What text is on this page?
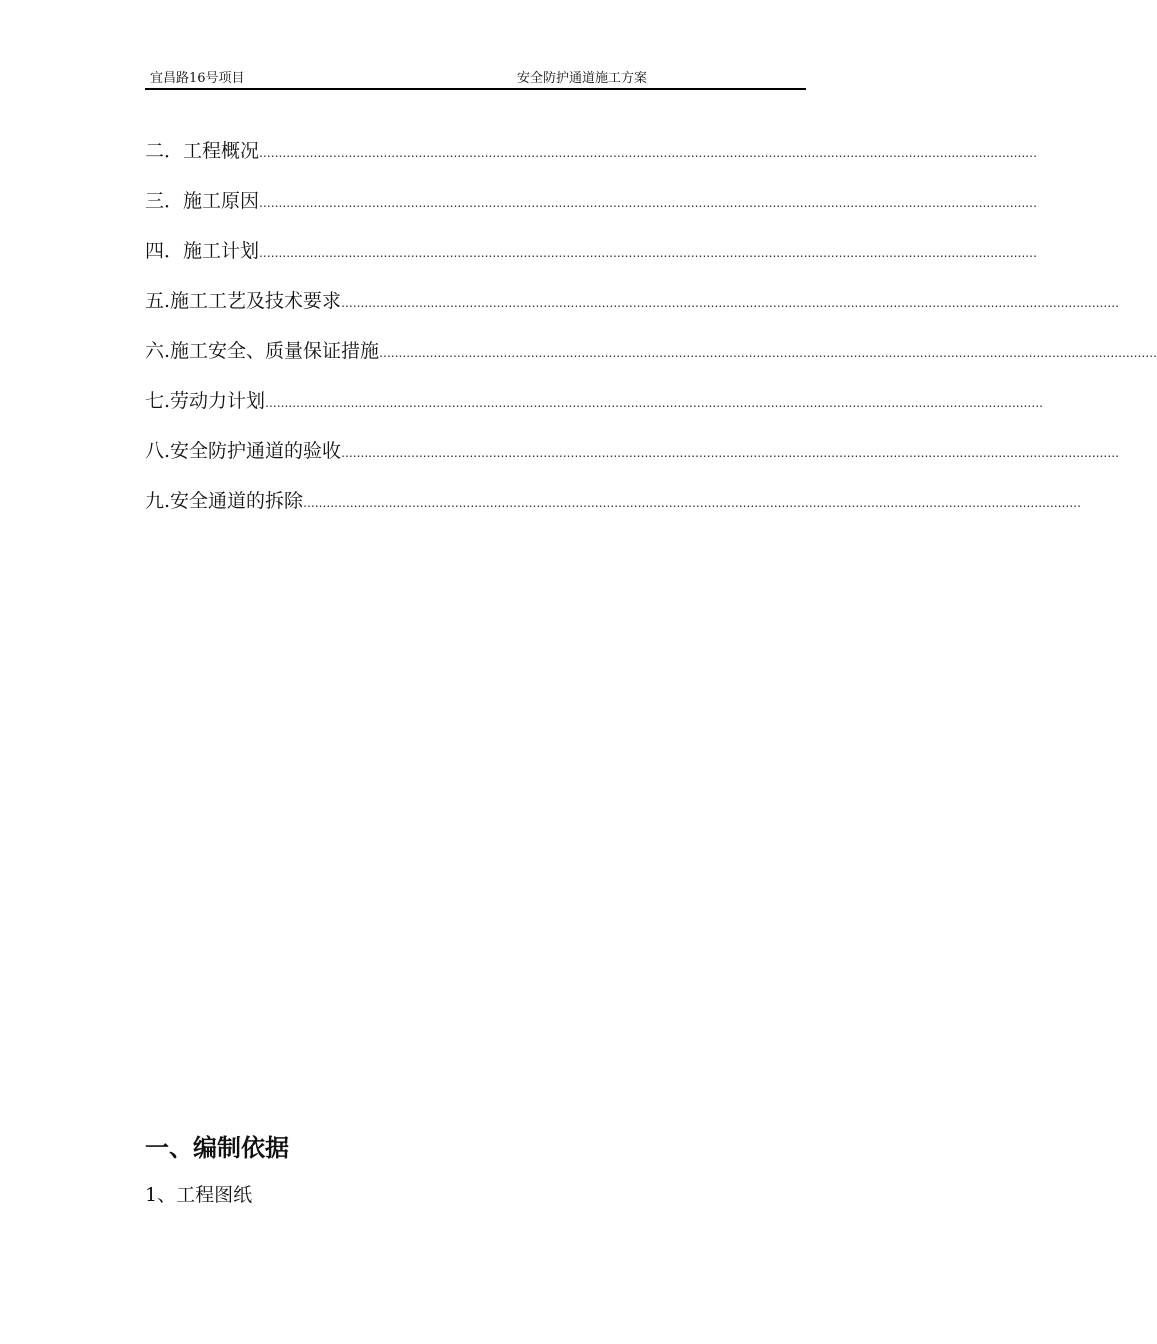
宜昌路16号项目	安全防护通道施工方案
二． 工程概况 ........................................................................................................................................................................................................
三． 施工原因 ........................................................................................................................................................................................................
四． 施工计划 ........................................................................................................................................................................................................
五. 施工工艺及技术要求 ........................................................................................................................................................................................................
六. 施工安全、质量保证措施 ........................................................................................................................................................................................................
七. 劳动力计划 ........................................................................................................................................................................................................
八. 安全防护通道的验收 ........................................................................................................................................................................................................
九. 安全通道的拆除 ........................................................................................................................................................................................................
一、编制依据
1、工程图纸
